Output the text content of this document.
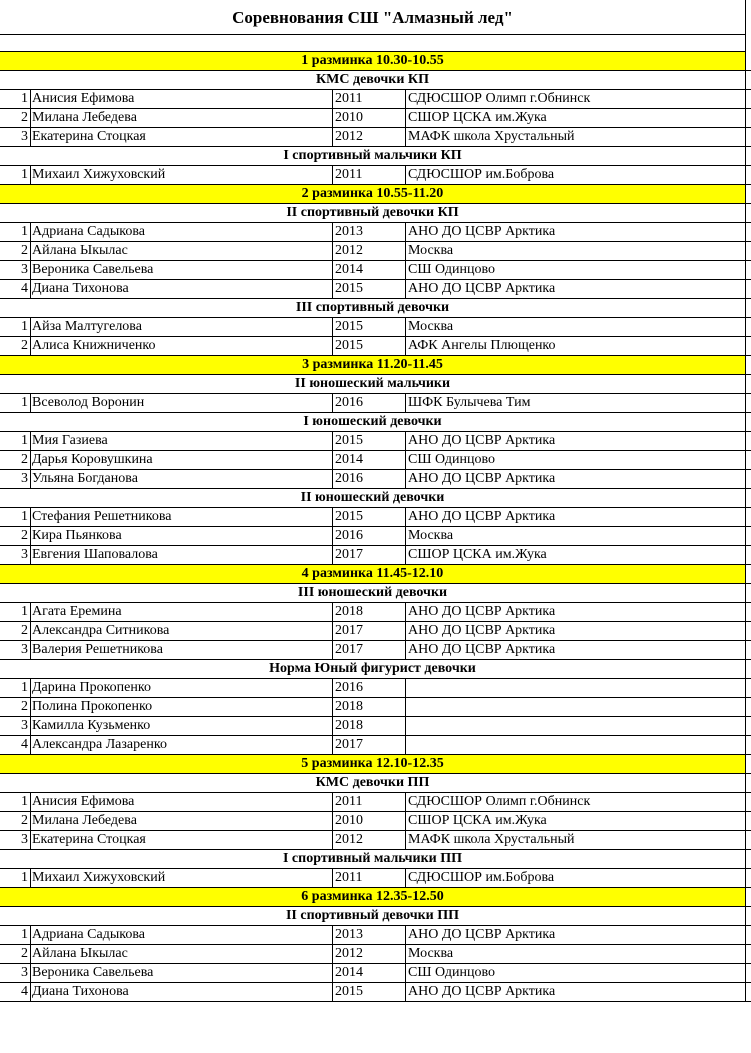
Соревнования СШ "Алмазный лед"
1 разминка 10.30-10.55
КМС девочки КП
1 Анисия Ефимова	2011	СДЮСШОР Олимп г.Обнинск
2 Милана Лебедева	2010	СШОР ЦСКА им.Жука
3 Екатерина Стоцкая	2012	МАФК школа Хрустальный
I спортивный мальчики КП
1 Михаил Хижуховский	2011	СДЮСШОР им.Боброва
2 разминка 10.55-11.20
II спортивный девочки КП
1 Адриана Садыкова	2013	АНО ДО ЦСВР Арктика
2 Айлана Ыкылас	2012	Москва
3 Вероника Савельева	2014	СШ Одинцово
4 Диана Тихонова	2015	АНО ДО ЦСВР Арктика
III спортивный девочки
1 Айза Малтугелова	2015	Москва
2 Алиса Книжниченко	2015	АФК Ангелы Плющенко
3 разминка 11.20-11.45
II юношеский мальчики
1 Всеволод Воронин	2016	ШФК Булычева Тим
I юношеский девочки
1 Мия Газиева	2015	АНО ДО ЦСВР Арктика
2 Дарья Коровушкина	2014	СШ Одинцово
3 Ульяна Богданова	2016	АНО ДО ЦСВР Арктика
II юношеский девочки
1 Стефания Решетникова	2015	АНО ДО ЦСВР Арктика
2 Кира Пьянкова	2016	Москва
3 Евгения Шаповалова	2017	СШОР ЦСКА им.Жука
4 разминка 11.45-12.10
III юношеский девочки
1 Агата Еремина	2018	АНО ДО ЦСВР Арктика
2 Александра Ситникова	2017	АНО ДО ЦСВР Арктика
3 Валерия Решетникова	2017	АНО ДО ЦСВР Арктика
Норма Юный фигурист девочки
1 Дарина Прокопенко	2016
2 Полина Прокопенко	2018
3 Камилла Кузьменко	2018
4 Александра Лазаренко	2017
5 разминка 12.10-12.35
КМС девочки ПП
1 Анисия Ефимова	2011	СДЮСШОР Олимп г.Обнинск
2 Милана Лебедева	2010	СШОР ЦСКА им.Жука
3 Екатерина Стоцкая	2012	МАФК школа Хрустальный
I спортивный мальчики ПП
1 Михаил Хижуховский	2011	СДЮСШОР им.Боброва
6 разминка 12.35-12.50
II спортивный девочки ПП
1 Адриана Садыкова	2013	АНО ДО ЦСВР Арктика
2 Айлана Ыкылас	2012	Москва
3 Вероника Савельева	2014	СШ Одинцово
4 Диана Тихонова	2015	АНО ДО ЦСВР Арктика
